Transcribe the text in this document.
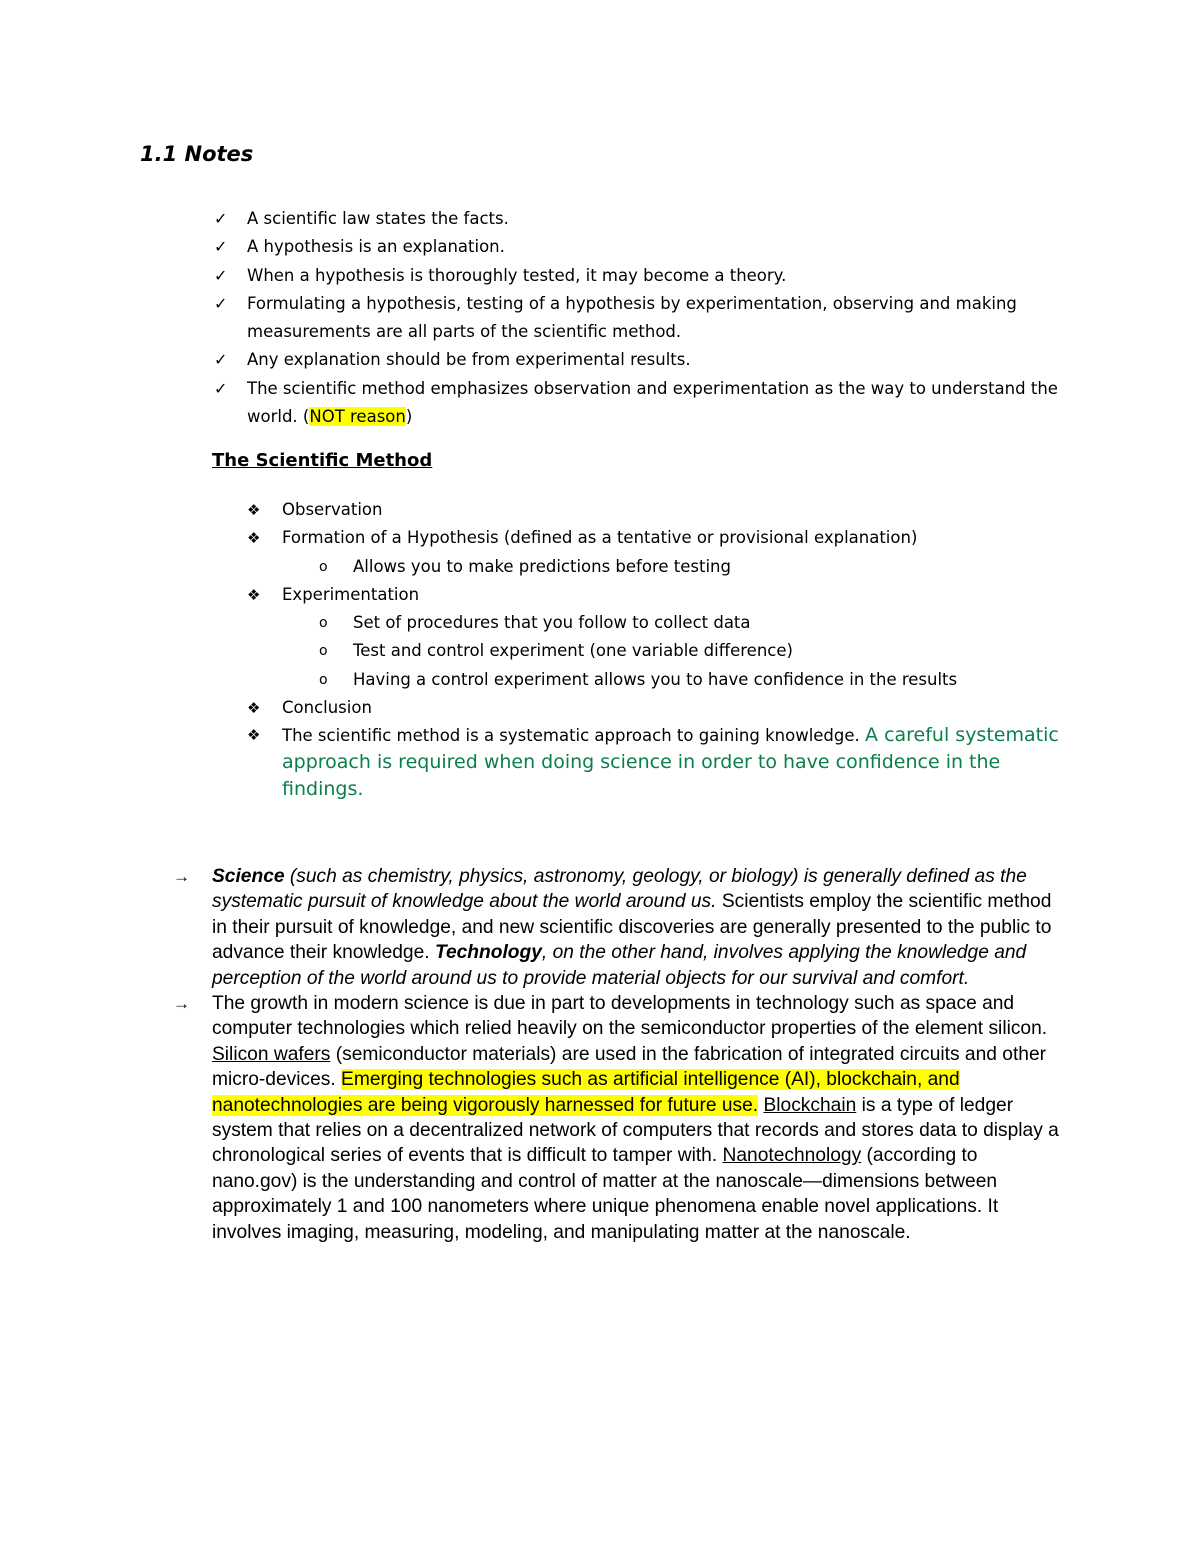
1.1 Notes
✓ A scientific law states the facts.
✓ A hypothesis is an explanation.
✓ When a hypothesis is thoroughly tested, it may become a theory.
✓ Formulating a hypothesis, testing of a hypothesis by experimentation, observing and making measurements are all parts of the scientific method.
✓ Any explanation should be from experimental results.
✓ The scientific method emphasizes observation and experimentation as the way to understand the world. (NOT reason)
The Scientific Method
❖ Observation
❖ Formation of a Hypothesis (defined as a tentative or provisional explanation)
o Allows you to make predictions before testing
❖ Experimentation
o Set of procedures that you follow to collect data
o Test and control experiment (one variable difference)
o Having a control experiment allows you to have confidence in the results
❖ Conclusion
❖ The scientific method is a systematic approach to gaining knowledge. A careful systematic approach is required when doing science in order to have confidence in the findings.
→ Science (such as chemistry, physics, astronomy, geology, or biology) is generally defined as the systematic pursuit of knowledge about the world around us. Scientists employ the scientific method in their pursuit of knowledge, and new scientific discoveries are generally presented to the public to advance their knowledge. Technology, on the other hand, involves applying the knowledge and perception of the world around us to provide material objects for our survival and comfort.
→ The growth in modern science is due in part to developments in technology such as space and computer technologies which relied heavily on the semiconductor properties of the element silicon. Silicon wafers (semiconductor materials) are used in the fabrication of integrated circuits and other micro-devices. Emerging technologies such as artificial intelligence (AI), blockchain, and nanotechnologies are being vigorously harnessed for future use. Blockchain is a type of ledger system that relies on a decentralized network of computers that records and stores data to display a chronological series of events that is difficult to tamper with. Nanotechnology (according to nano.gov) is the understanding and control of matter at the nanoscale—dimensions between approximately 1 and 100 nanometers where unique phenomena enable novel applications. It involves imaging, measuring, modeling, and manipulating matter at the nanoscale.
